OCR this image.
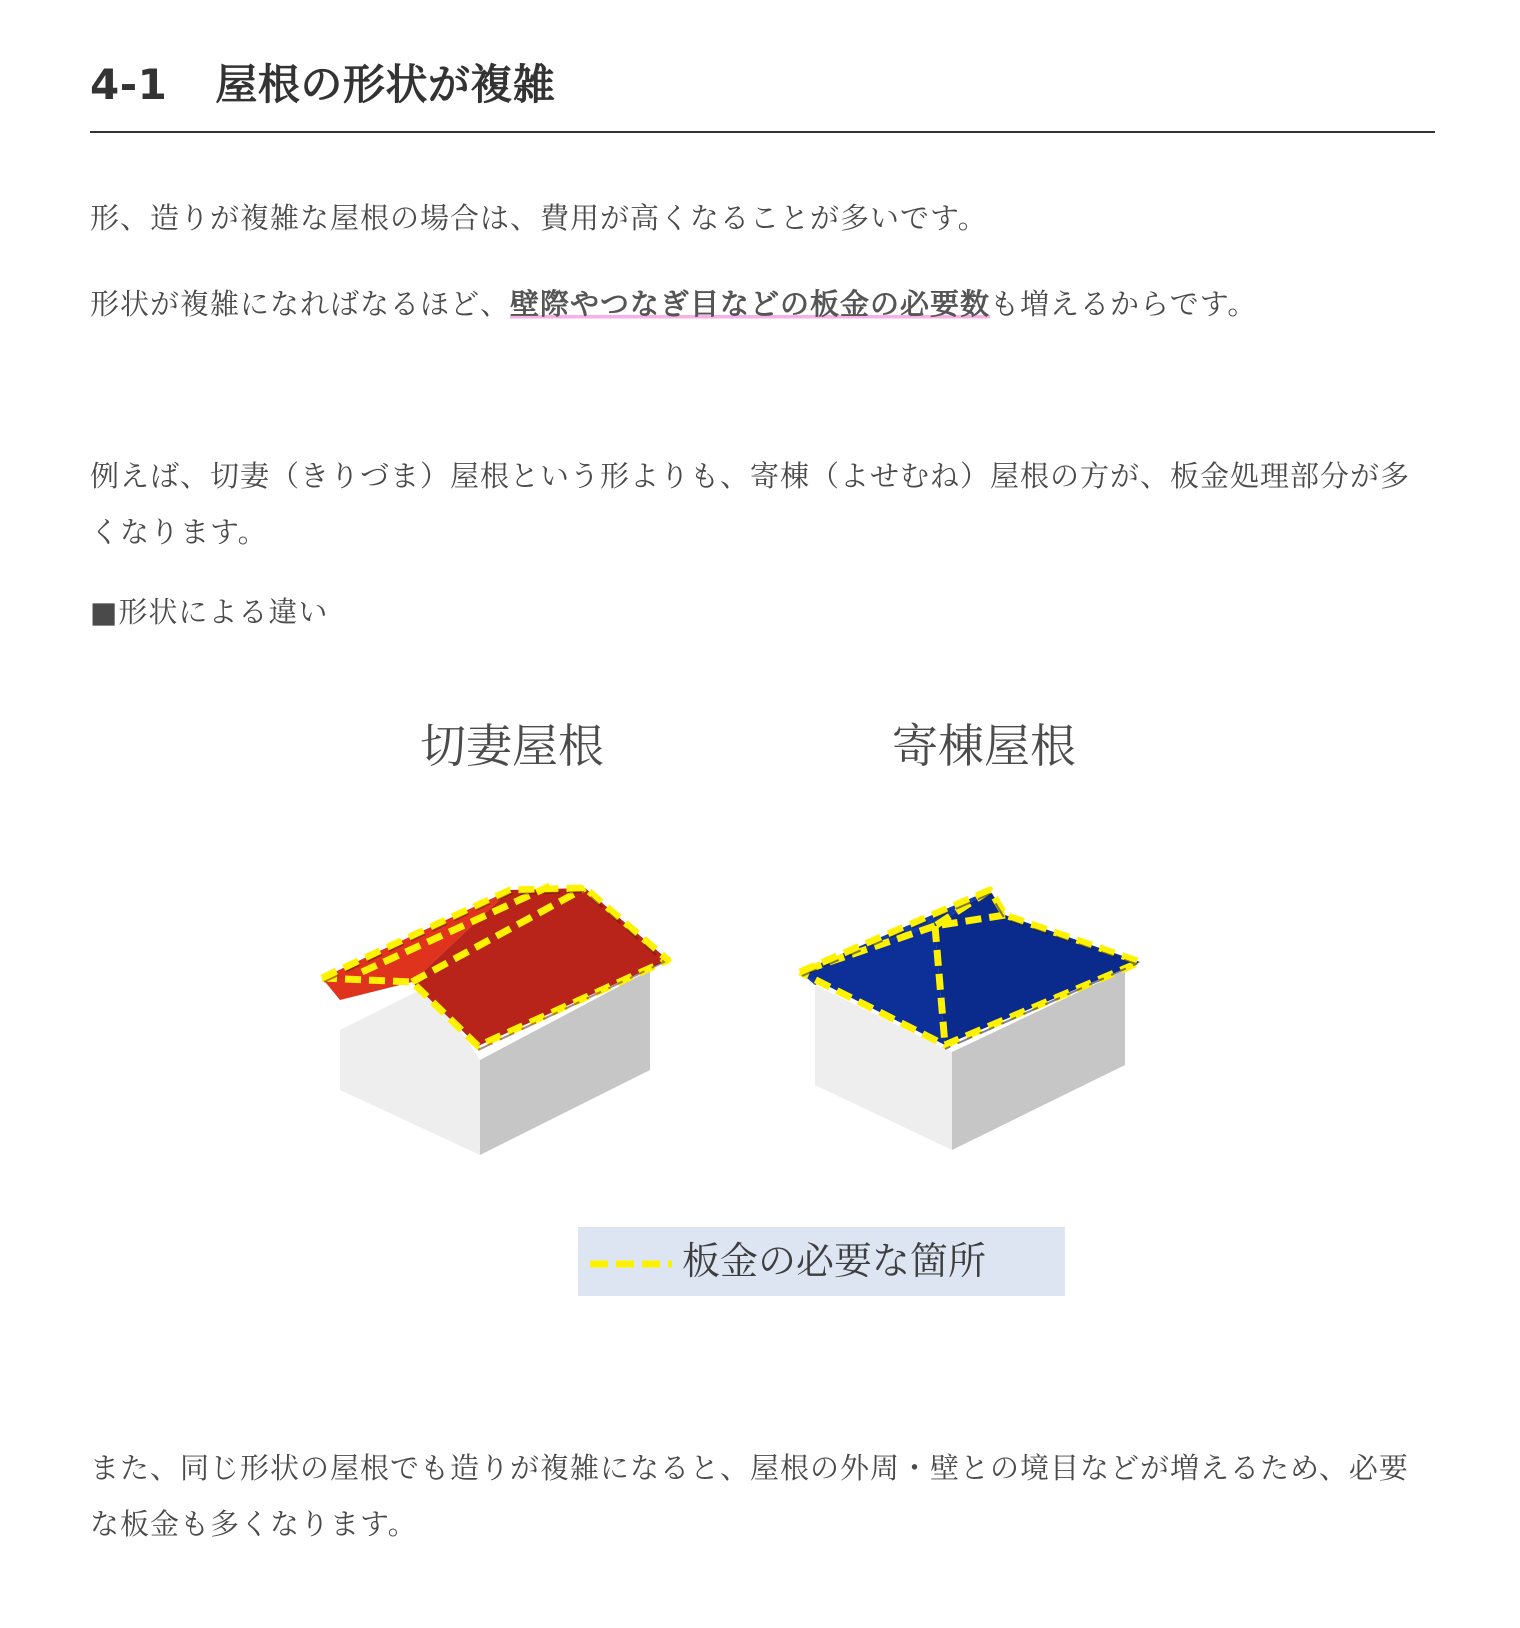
4-1 屋根の形状が複雑
形、造りが複雑な屋根の場合は、費用が高くなることが多いです。
形状が複雑になればなるほど、壁際やつなぎ目などの板金の必要数も増えるからです。
例えば、切妻（きりづま）屋根という形よりも、寄棟（よせむね）屋根の方が、板金処理部分が多くなります。
■形状による違い
切妻屋根	寄棟屋根
板金の必要な箇所
また、同じ形状の屋根でも造りが複雑になると、屋根の外周・壁との境目などが増えるため、必要な板金も多くなります。
